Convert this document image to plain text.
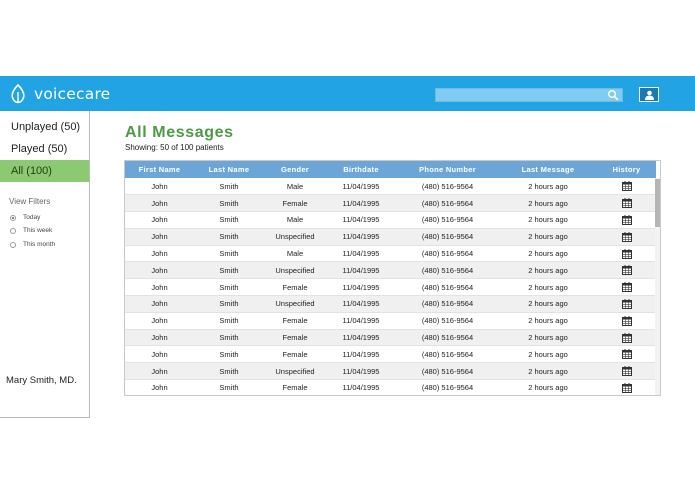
voicecare
Unplayed (50)
Played (50)
All (100)
View Filters
Today
This week
This month
Mary Smith, MD.
All Messages
Showing: 50 of 100 patients
First Name	Last Name	Gender	Birthdate	Phone Number	Last Message	History
John	Smith	Male	11/04/1995	(480) 516-9564	2 hours ago	
John	Smith	Female	11/04/1995	(480) 516-9564	2 hours ago	
John	Smith	Male	11/04/1995	(480) 516-9564	2 hours ago	
John	Smith	Unspecified	11/04/1995	(480) 516-9564	2 hours ago	
John	Smith	Male	11/04/1995	(480) 516-9564	2 hours ago	
John	Smith	Unspecified	11/04/1995	(480) 516-9564	2 hours ago	
John	Smith	Female	11/04/1995	(480) 516-9564	2 hours ago	
John	Smith	Unspecified	11/04/1995	(480) 516-9564	2 hours ago	
John	Smith	Female	11/04/1995	(480) 516-9564	2 hours ago	
John	Smith	Female	11/04/1995	(480) 516-9564	2 hours ago	
John	Smith	Female	11/04/1995	(480) 516-9564	2 hours ago	
John	Smith	Unspecified	11/04/1995	(480) 516-9564	2 hours ago	
John	Smith	Female	11/04/1995	(480) 516-9564	2 hours ago	
